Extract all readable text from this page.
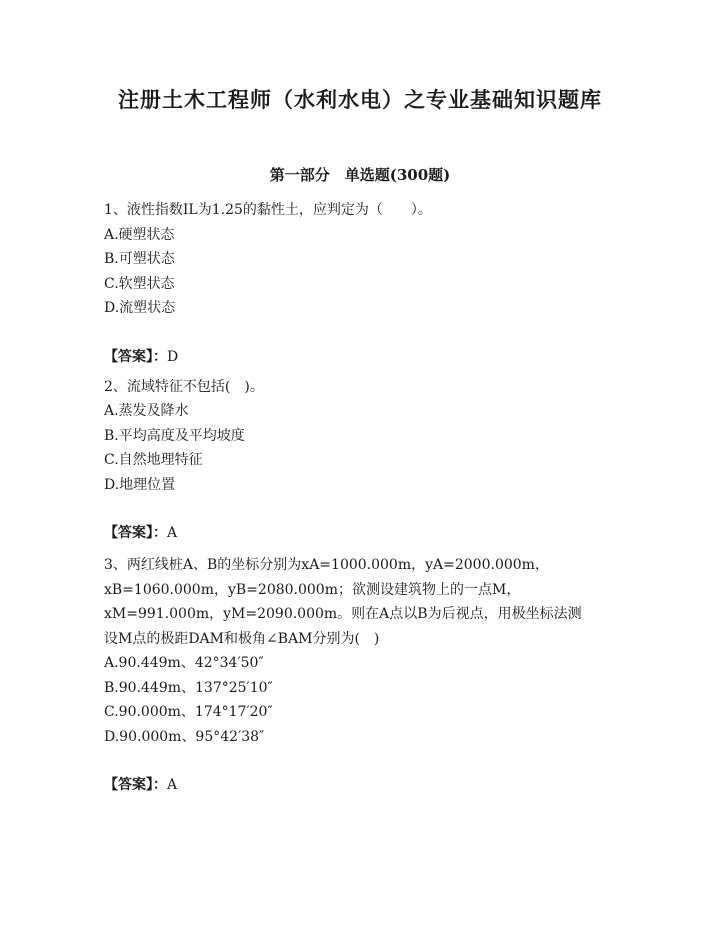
注册土木工程师（水利水电）之专业基础知识题库
第一部分　单选题(300题)
1、液性指数IL为1.25的黏性土，应判定为（　　）。
A.硬塑状态
B.可塑状态
C.软塑状态
D.流塑状态
【答案】：D
2、流域特征不包括(　)。
A.蒸发及降水
B.平均高度及平均坡度
C.自然地理特征
D.地理位置
【答案】：A
3、两红线桩A、B的坐标分别为xA=1000.000m，yA=2000.000m，
xB=1060.000m，yB=2080.000m；欲测设建筑物上的一点M，
xM=991.000m，yM=2090.000m。则在A点以B为后视点，用极坐标法测
设M点的极距DAM和极角∠BAM分别为(　)
A.90.449m、42°34′50″
B.90.449m、137°25′10″
C.90.000m、174°17′20″
D.90.000m、95°42′38″
【答案】：A
